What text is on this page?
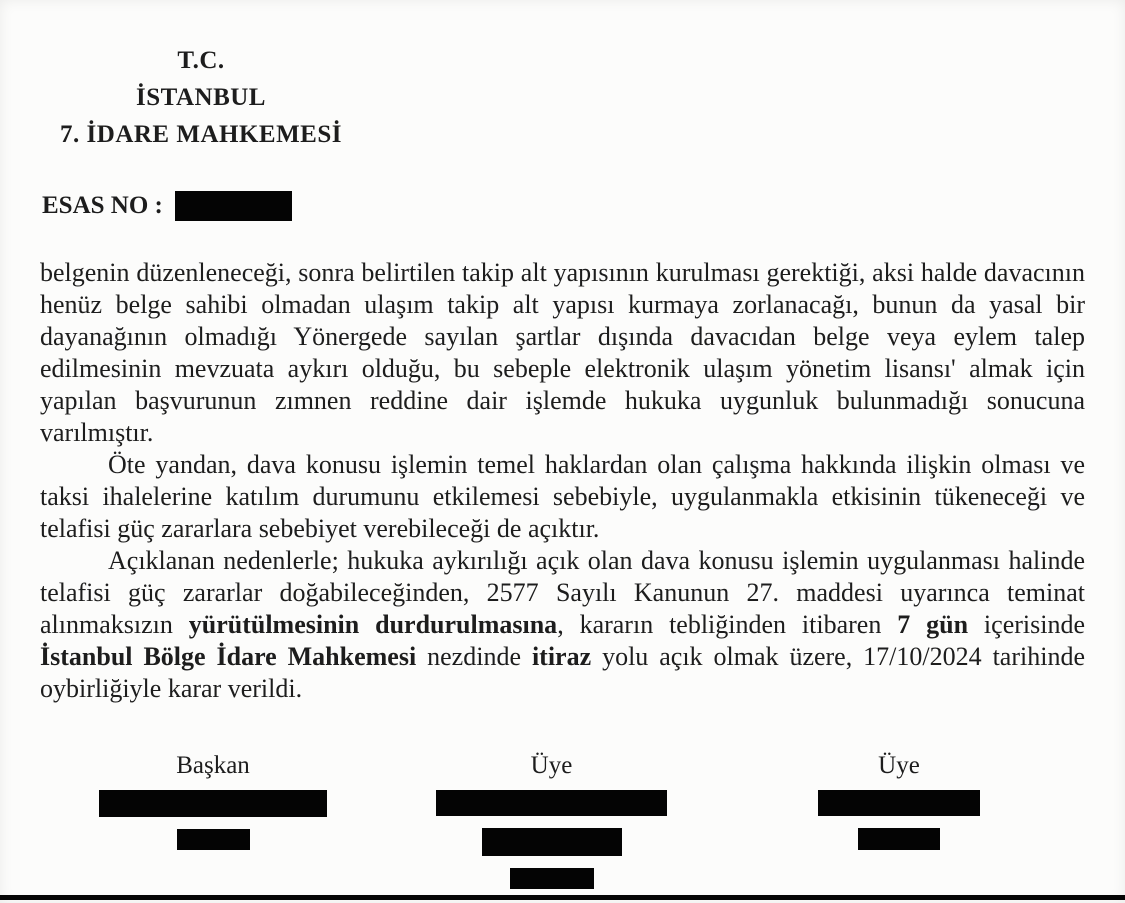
T.C.
İSTANBUL
7. İDARE MAHKEMESİ
ESAS NO :

belgenin düzenleneceği, sonra belirtilen takip alt yapısının kurulması gerektiği, aksi halde davacının henüz belge sahibi olmadan ulaşım takip alt yapısı kurmaya zorlanacağı, bunun da yasal bir dayanağının olmadığı Yönergede sayılan şartlar dışında davacıdan belge veya eylem talep edilmesinin mevzuata aykırı olduğu, bu sebeple elektronik ulaşım yönetim lisansı' almak için yapılan başvurunun zımnen reddine dair işlemde hukuka uygunluk bulunmadığı sonucuna varılmıştır.

Öte yandan, dava konusu işlemin temel haklardan olan çalışma hakkında ilişkin olması ve taksi ihalelerine katılım durumunu etkilemesi sebebiyle, uygulanmakla etkisinin tükeneceği ve telafisi güç zararlara sebebiyet verebileceği de açıktır.

Açıklanan nedenlerle; hukuka aykırılığı açık olan dava konusu işlemin uygulanması halinde telafisi güç zararlar doğabileceğinden, 2577 Sayılı Kanunun 27. maddesi uyarınca teminat alınmaksızın yürütülmesinin durdurulmasına, kararın tebliğinden itibaren 7 gün içerisinde İstanbul Bölge İdare Mahkemesi nezdinde itiraz yolu açık olmak üzere, 17/10/2024 tarihinde oybirliğiyle karar verildi.

Başkan	Üye	Üye
